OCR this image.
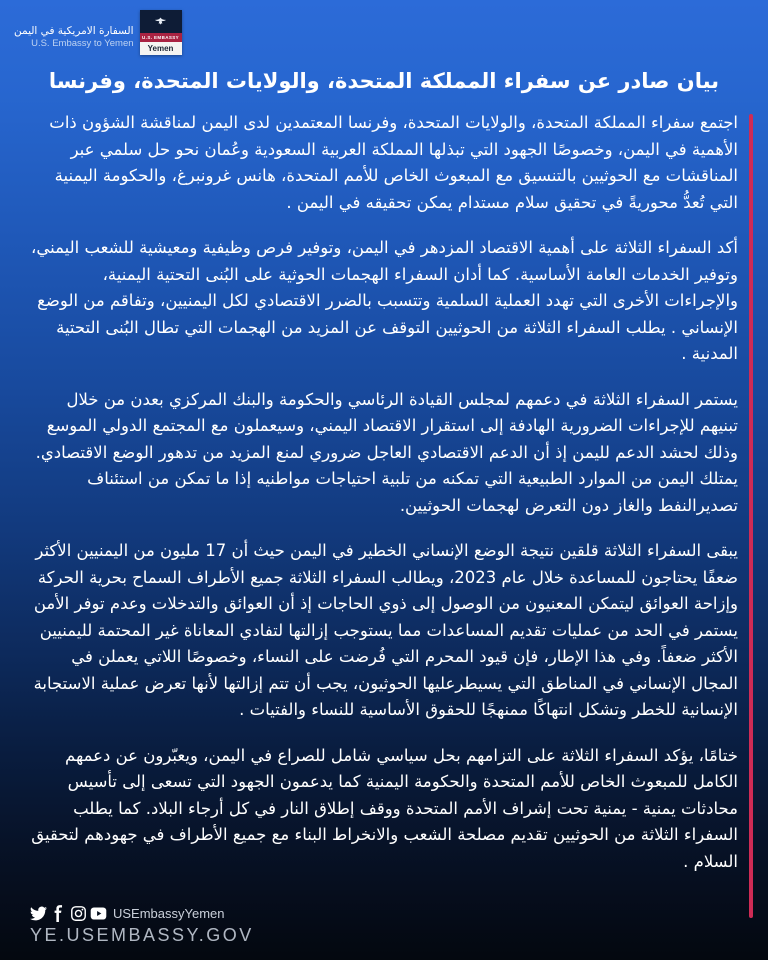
السفارة الامريكية في اليمن
U.S. Embassy to Yemen
U.S. EMBASSY
Yemen
بيان صادر عن سفراء المملكة المتحدة، والولايات المتحدة، وفرنسا

اجتمع سفراء المملكة المتحدة، والولايات المتحدة، وفرنسا المعتمدين لدى اليمن لمناقشة الشؤون ذات الأهمية في اليمن، وخصوصًا الجهود التي تبذلها المملكة العربية السعودية وعُمان نحو حل سلمي عبر المناقشات مع الحوثيين بالتنسيق مع المبعوث الخاص للأمم المتحدة، هانس غرونبرغ، والحكومة اليمنية التي تُعدُّ محوريةً في تحقيق سلام مستدام يمكن تحقيقه في اليمن .

أكد السفراء الثلاثة على أهمية الاقتصاد المزدهر في اليمن، وتوفير فرص وظيفية ومعيشية للشعب اليمني، وتوفير الخدمات العامة الأساسية. كما أدان السفراء الهجمات الحوثية على البُنى التحتية اليمنية، والإجراءات الأخرى التي تهدد العملية السلمية وتتسبب بالضرر الاقتصادي لكل اليمنيين، وتفاقم من الوضع الإنساني . يطلب السفراء الثلاثة من الحوثيين التوقف عن المزيد من الهجمات التي تطال البُنى التحتية المدنية .

يستمر السفراء الثلاثة في دعمهم لمجلس القيادة الرئاسي والحكومة والبنك المركزي بعدن من خلال تبنيهم للإجراءات الضرورية الهادفة إلى استقرار الاقتصاد اليمني، وسيعملون مع المجتمع الدولي الموسع وذلك لحشد الدعم لليمن إذ أن الدعم الاقتصادي العاجل ضروري لمنع المزيد من تدهور الوضع الاقتصادي. يمتلك اليمن من الموارد الطبيعية التي تمكنه من تلبية احتياجات مواطنيه إذا ما تمكن من استئناف تصديرالنفط والغاز دون التعرض لهجمات الحوثيين.

يبقى السفراء الثلاثة قلقين نتيجة الوضع الإنساني الخطير في اليمن حيث أن 17 مليون من اليمنيين الأكثر ضعفًا يحتاجون للمساعدة خلال عام 2023، ويطالب السفراء الثلاثة جميع الأطراف السماح بحرية الحركة وإزاحة العوائق ليتمكن المعنيون من الوصول إلى ذوي الحاجات إذ أن العوائق والتدخلات وعدم توفر الأمن يستمر في الحد من عمليات تقديم المساعدات مما يستوجب إزالتها لتفادي المعاناة غير المحتمة لليمنيين الأكثر ضعفاً. وفي هذا الإطار، فإن قيود المحرم التي فُرضت على النساء، وخصوصًا اللاتي يعملن في المجال الإنساني في المناطق التي يسيطرعليها الحوثيون، يجب أن تتم إزالتها لأنها تعرض عملية الاستجابة الإنسانية للخطر وتشكل انتهاكًا ممنهجًا للحقوق الأساسية للنساء والفتيات .

ختامًا، يؤكد السفراء الثلاثة على التزامهم بحل سياسي شامل للصراع في اليمن، ويعبّرون عن دعمهم الكامل للمبعوث الخاص للأمم المتحدة والحكومة اليمنية كما يدعمون الجهود التي تسعى إلى تأسيس محادثات يمنية - يمنية تحت إشراف الأمم المتحدة ووقف إطلاق النار في كل أرجاء البلاد. كما يطلب السفراء الثلاثة من الحوثيين تقديم مصلحة الشعب والانخراط البناء مع جميع الأطراف في جهودهم لتحقيق السلام .

USEmbassyYemen
YE.USEMBASSY.GOV
